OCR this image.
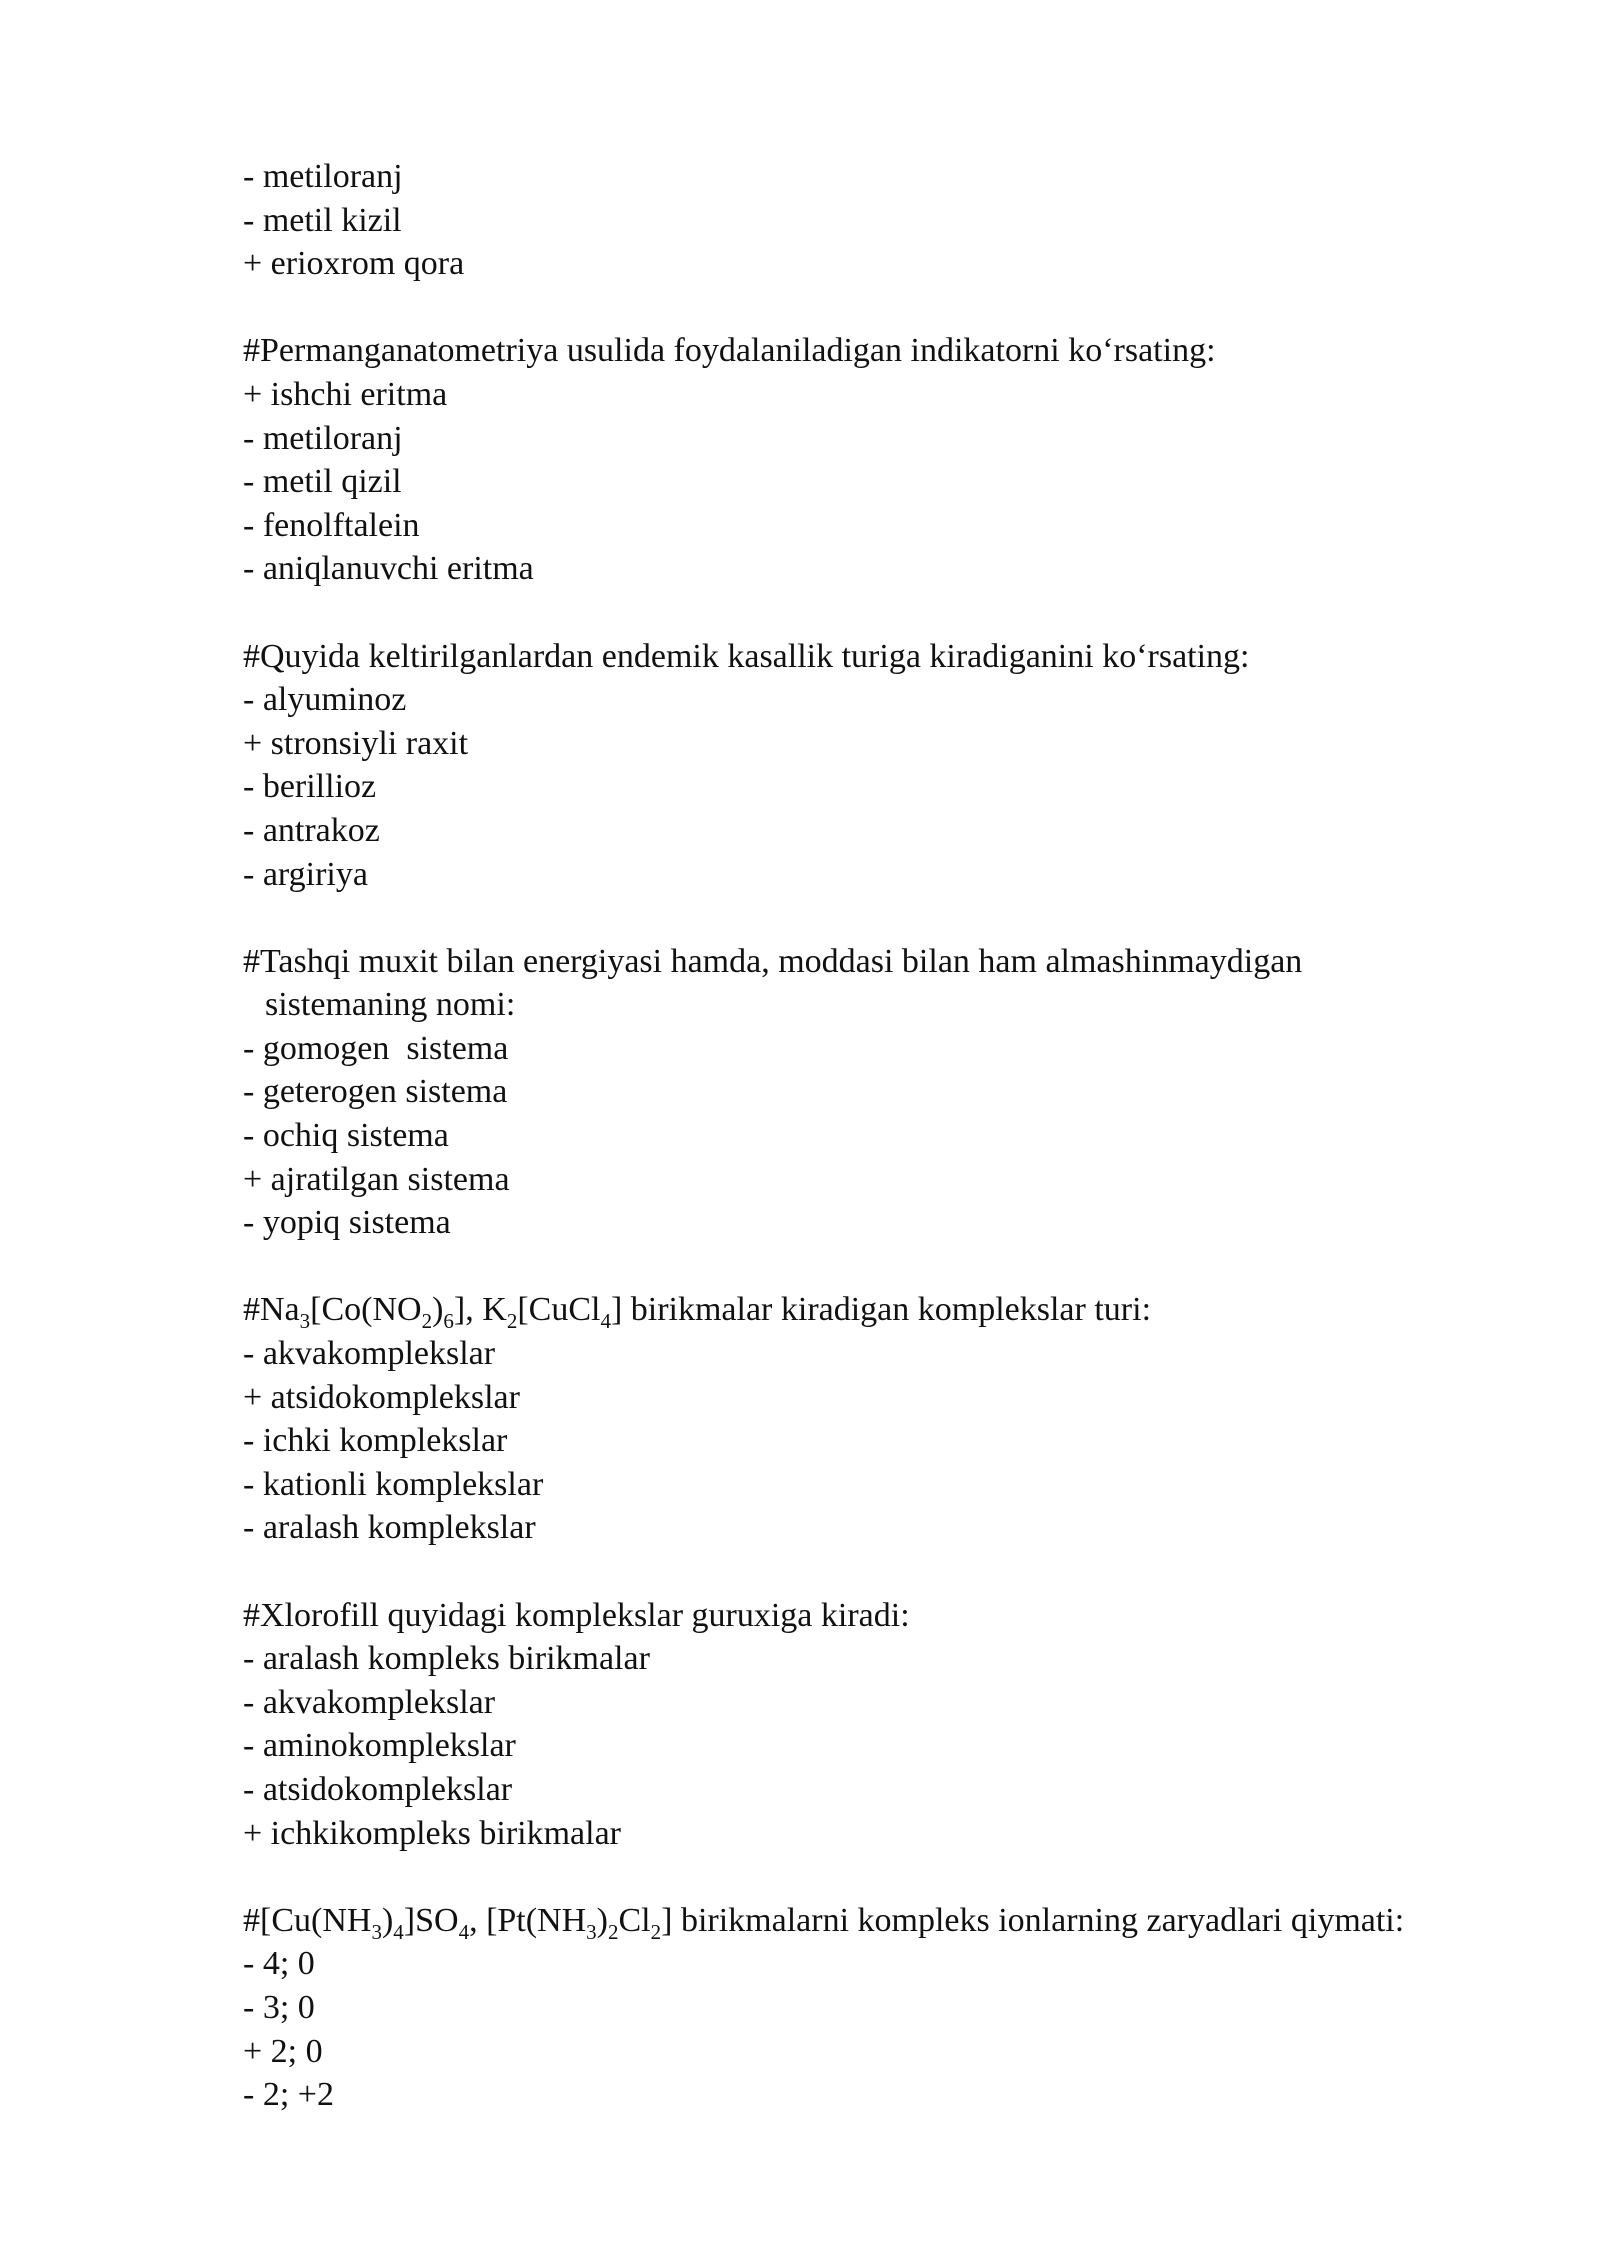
- metiloranj
- metil kizil
+ erioxrom qora
#Permanganatometriya usulida foydalaniladigan indikatorni ko‘rsating:
+ ishchi eritma
- metiloranj
- metil qizil
- fenolftalein
- aniqlanuvchi eritma
#Quyida keltirilganlardan endemik kasallik turiga kiradiganini ko‘rsating:
- alyuminoz
+ stronsiyli raxit
- berillioz
- antrakoz
- argiriya
#Tashqi muxit bilan energiyasi hamda, moddasi bilan ham almashinmaydigan
sistemaning nomi:
- gomogen  sistema
- geterogen sistema
- ochiq sistema
+ ajratilgan sistema
- yopiq sistema
$\#Na_3[Co(NO_2)_6]$, $K_2[CuCl_4]$ birikmalar kiradigan komplekslar turi:
- akvakomplekslar
+ atsidokomplekslar
- ichki komplekslar
- kationli komplekslar
- aralash komplekslar
#Xlorofill quyidagi komplekslar guruxiga kiradi:
- aralash kompleks birikmalar
- akvakomplekslar
- aminokomplekslar
- atsidokomplekslar
+ ichkikompleks birikmalar
$\#[Cu(NH_3)_4]SO_4$, $[Pt(NH_3)_2Cl_2]$ birikmalarni kompleks ionlarning zaryadlari qiymati:
- 4; 0
- 3; 0
+ 2; 0
- 2; +2
